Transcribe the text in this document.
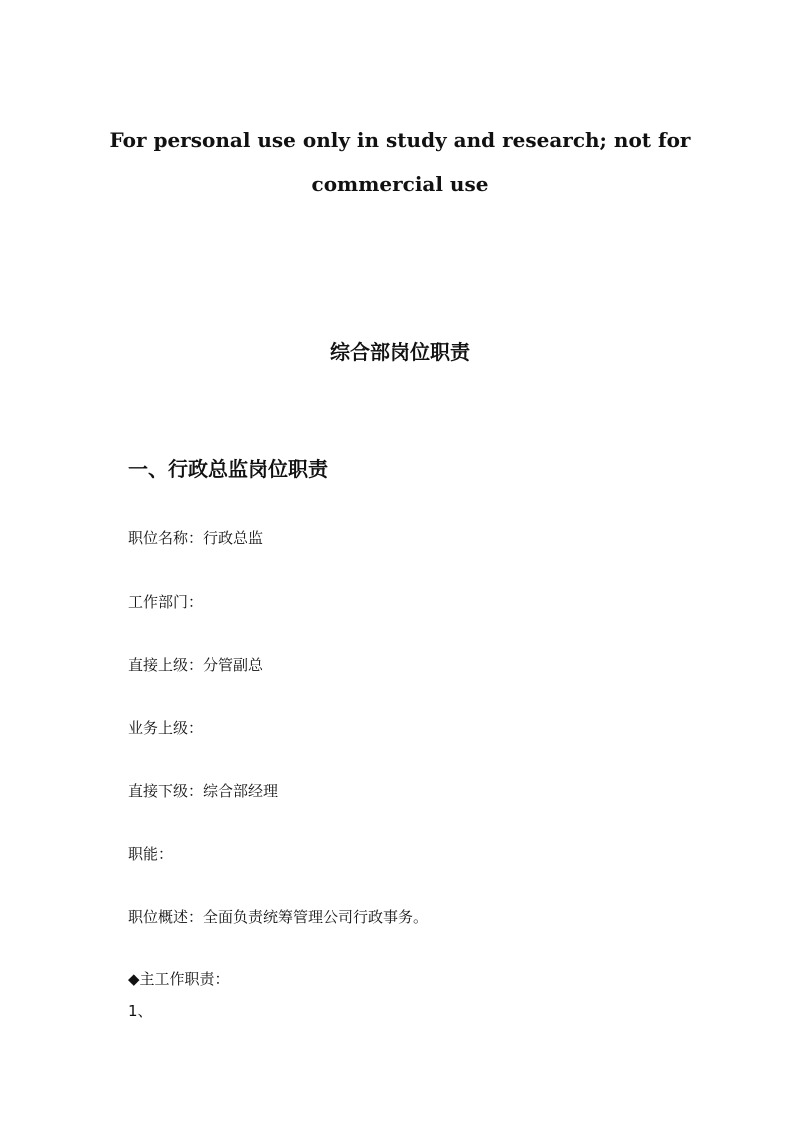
For personal use only in study and research; not for
commercial use
综合部岗位职责
一、行政总监岗位职责
职位名称：行政总监
工作部门：
直接上级：分管副总
业务上级：
直接下级：综合部经理
职能：
职位概述：全面负责统筹管理公司行政事务。
◆主工作职责：
1、
